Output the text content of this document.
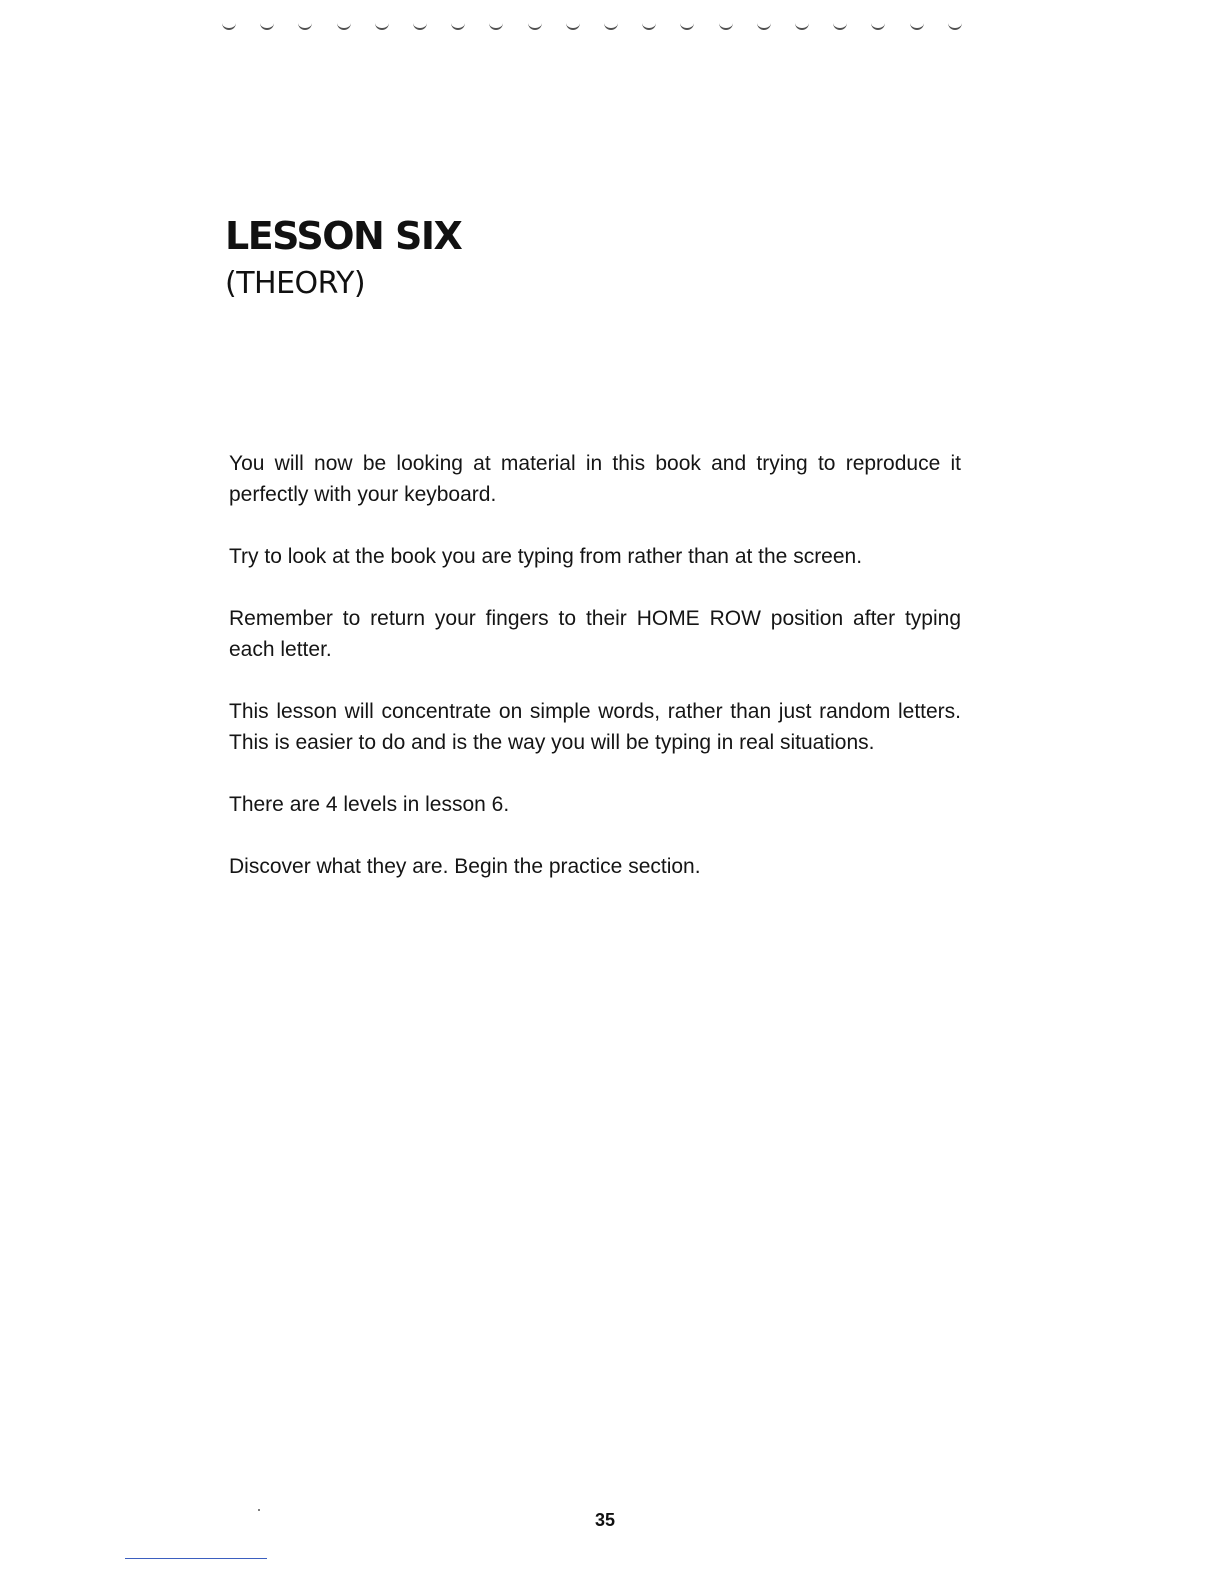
LESSON SIX
(THEORY)

You will now be looking at material in this book and trying to reproduce it perfectly with your keyboard.

Try to look at the book you are typing from rather than at the screen.

Remember to return your fingers to their HOME ROW position after typing each letter.

This lesson will concentrate on simple words, rather than just random letters. This is easier to do and is the way you will be typing in real situations.

There are 4 levels in lesson 6.

Discover what they are. Begin the practice section.

35
